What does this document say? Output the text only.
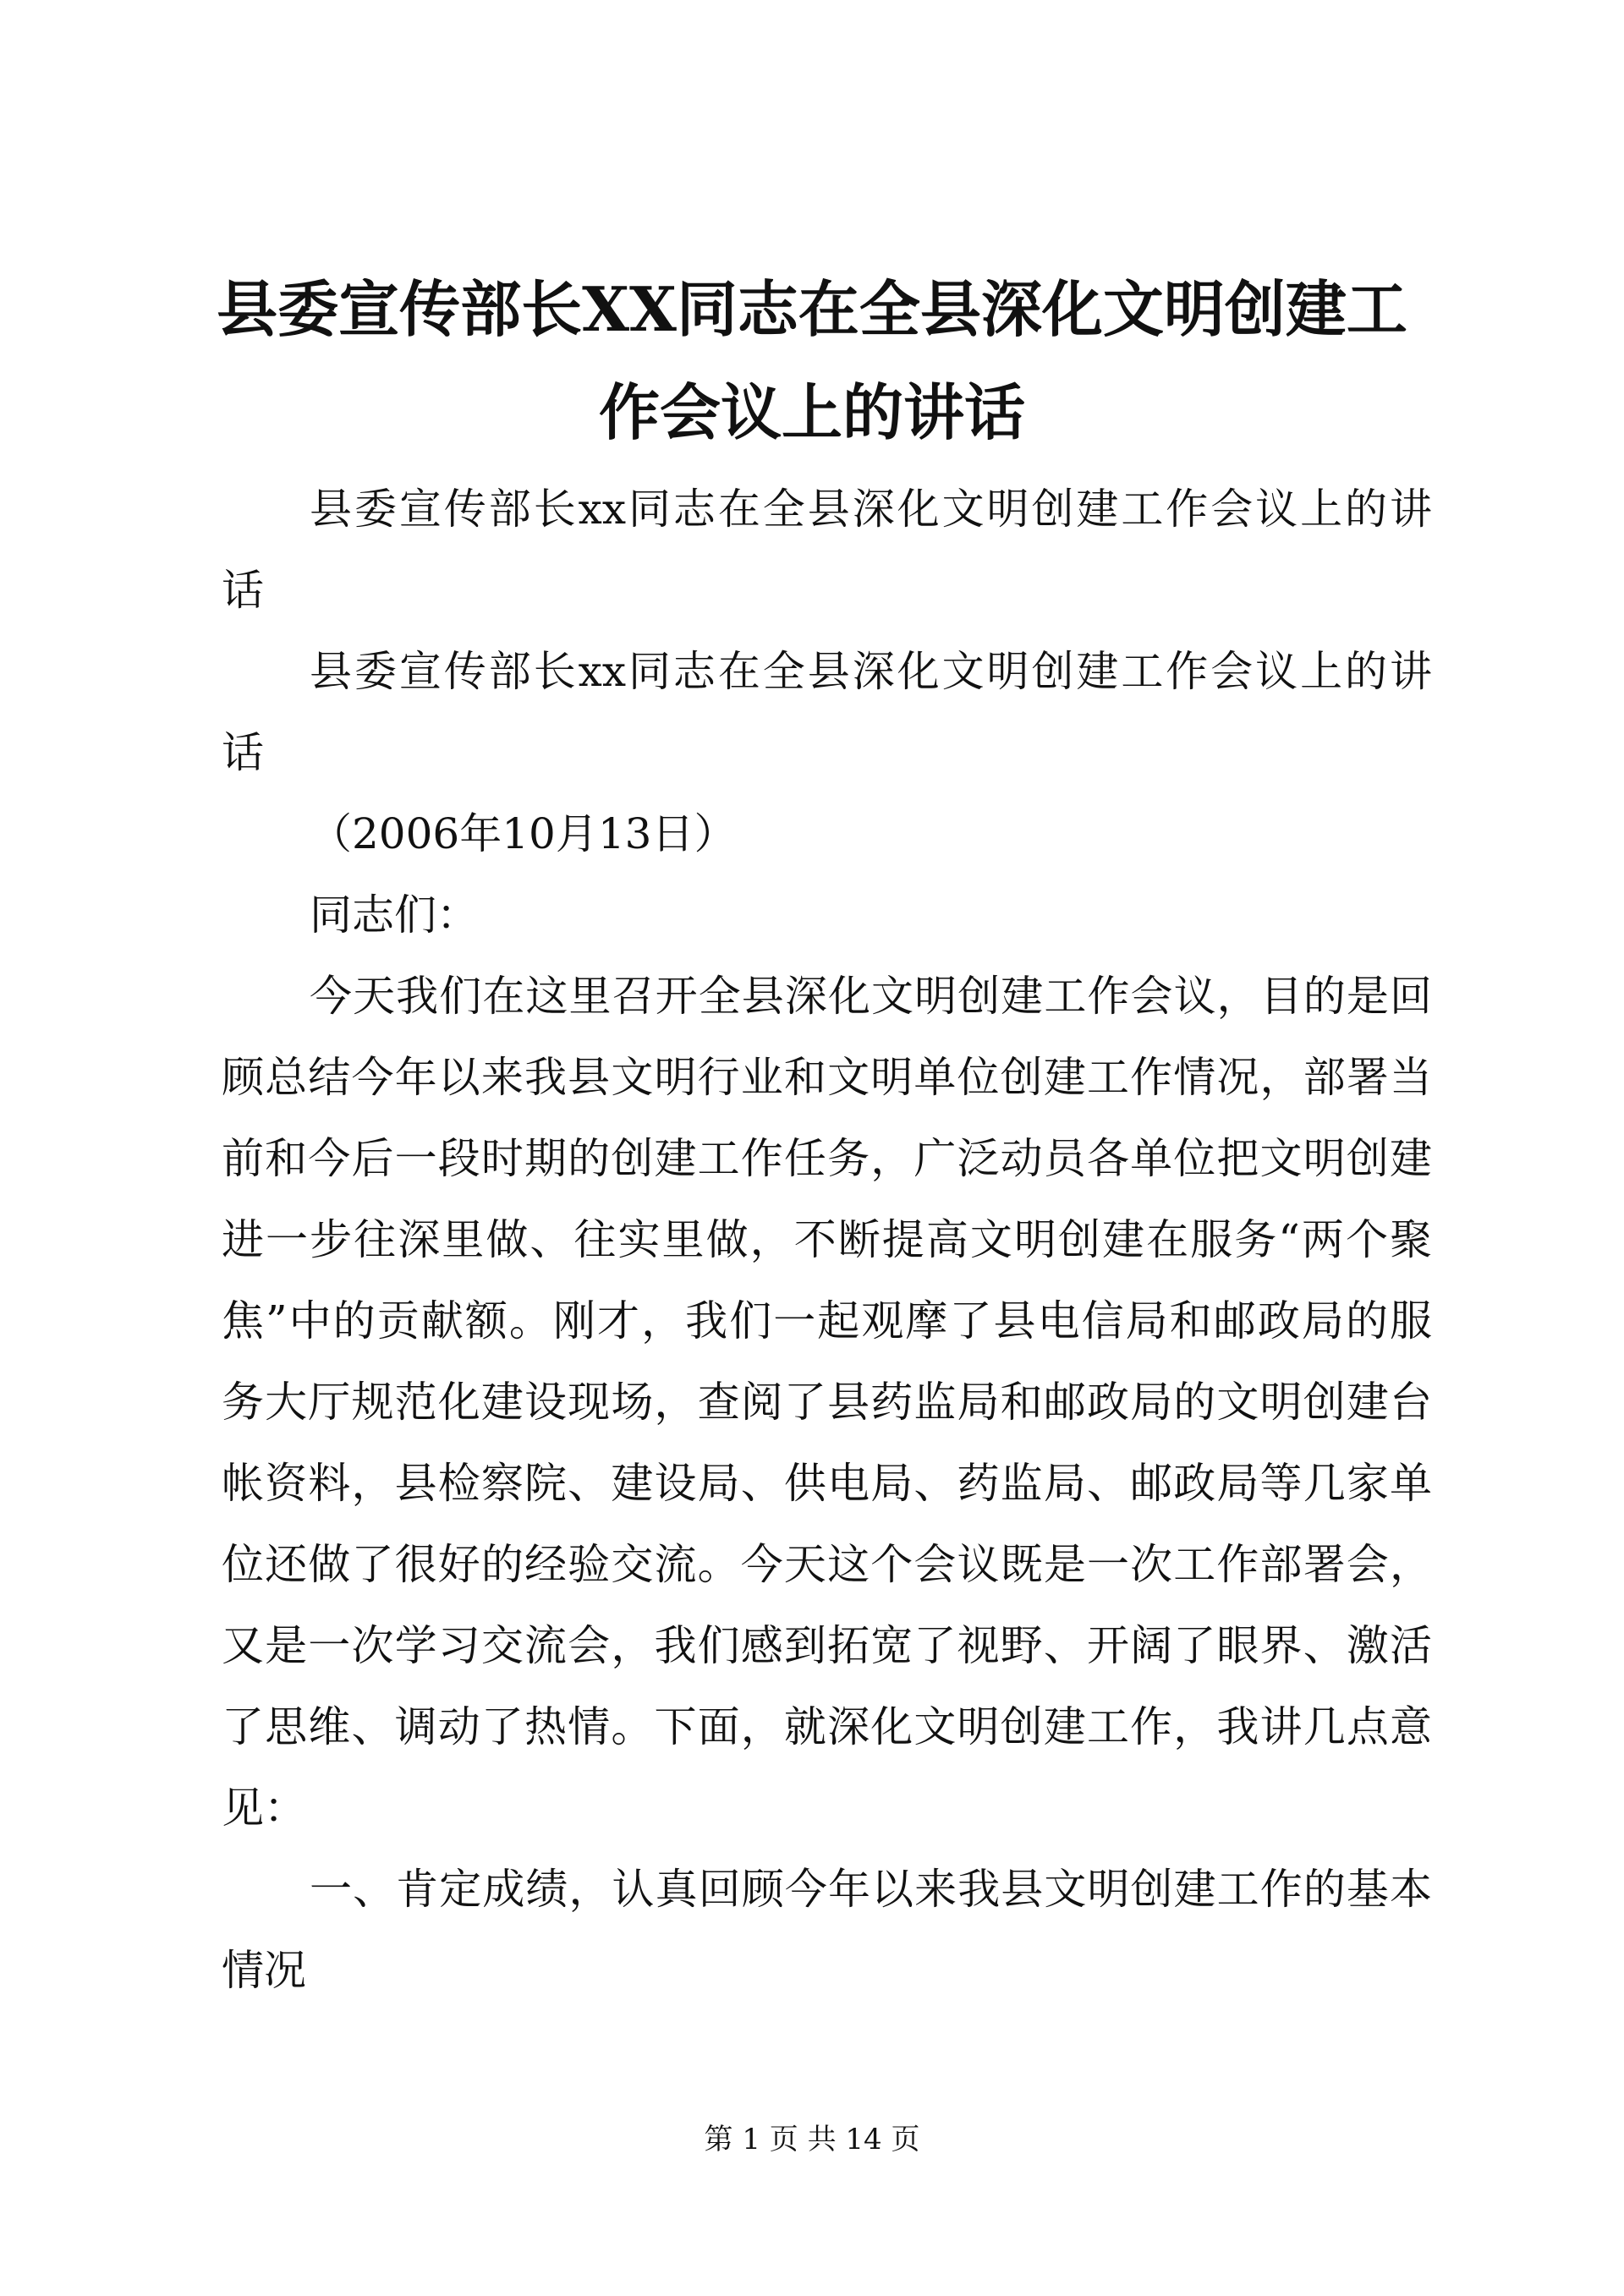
县委宣传部长XX同志在全县深化文明创建工
作会议上的讲话
县委宣传部长xx同志在全县深化文明创建工作会议上的讲
话
县委宣传部长xx同志在全县深化文明创建工作会议上的讲
话
（2006年10月13日）
同志们：
今天我们在这里召开全县深化文明创建工作会议，目的是回
顾总结今年以来我县文明行业和文明单位创建工作情况，部署当
前和今后一段时期的创建工作任务，广泛动员各单位把文明创建
进一步往深里做、往实里做，不断提高文明创建在服务“两个聚
焦”中的贡献额。刚才，我们一起观摩了县电信局和邮政局的服
务大厅规范化建设现场，查阅了县药监局和邮政局的文明创建台
帐资料，县检察院、建设局、供电局、药监局、邮政局等几家单
位还做了很好的经验交流。今天这个会议既是一次工作部署会，
又是一次学习交流会，我们感到拓宽了视野、开阔了眼界、激活
了思维、调动了热情。下面，就深化文明创建工作，我讲几点意
见：
一、肯定成绩，认真回顾今年以来我县文明创建工作的基本
情况
第 1 页 共 14 页
